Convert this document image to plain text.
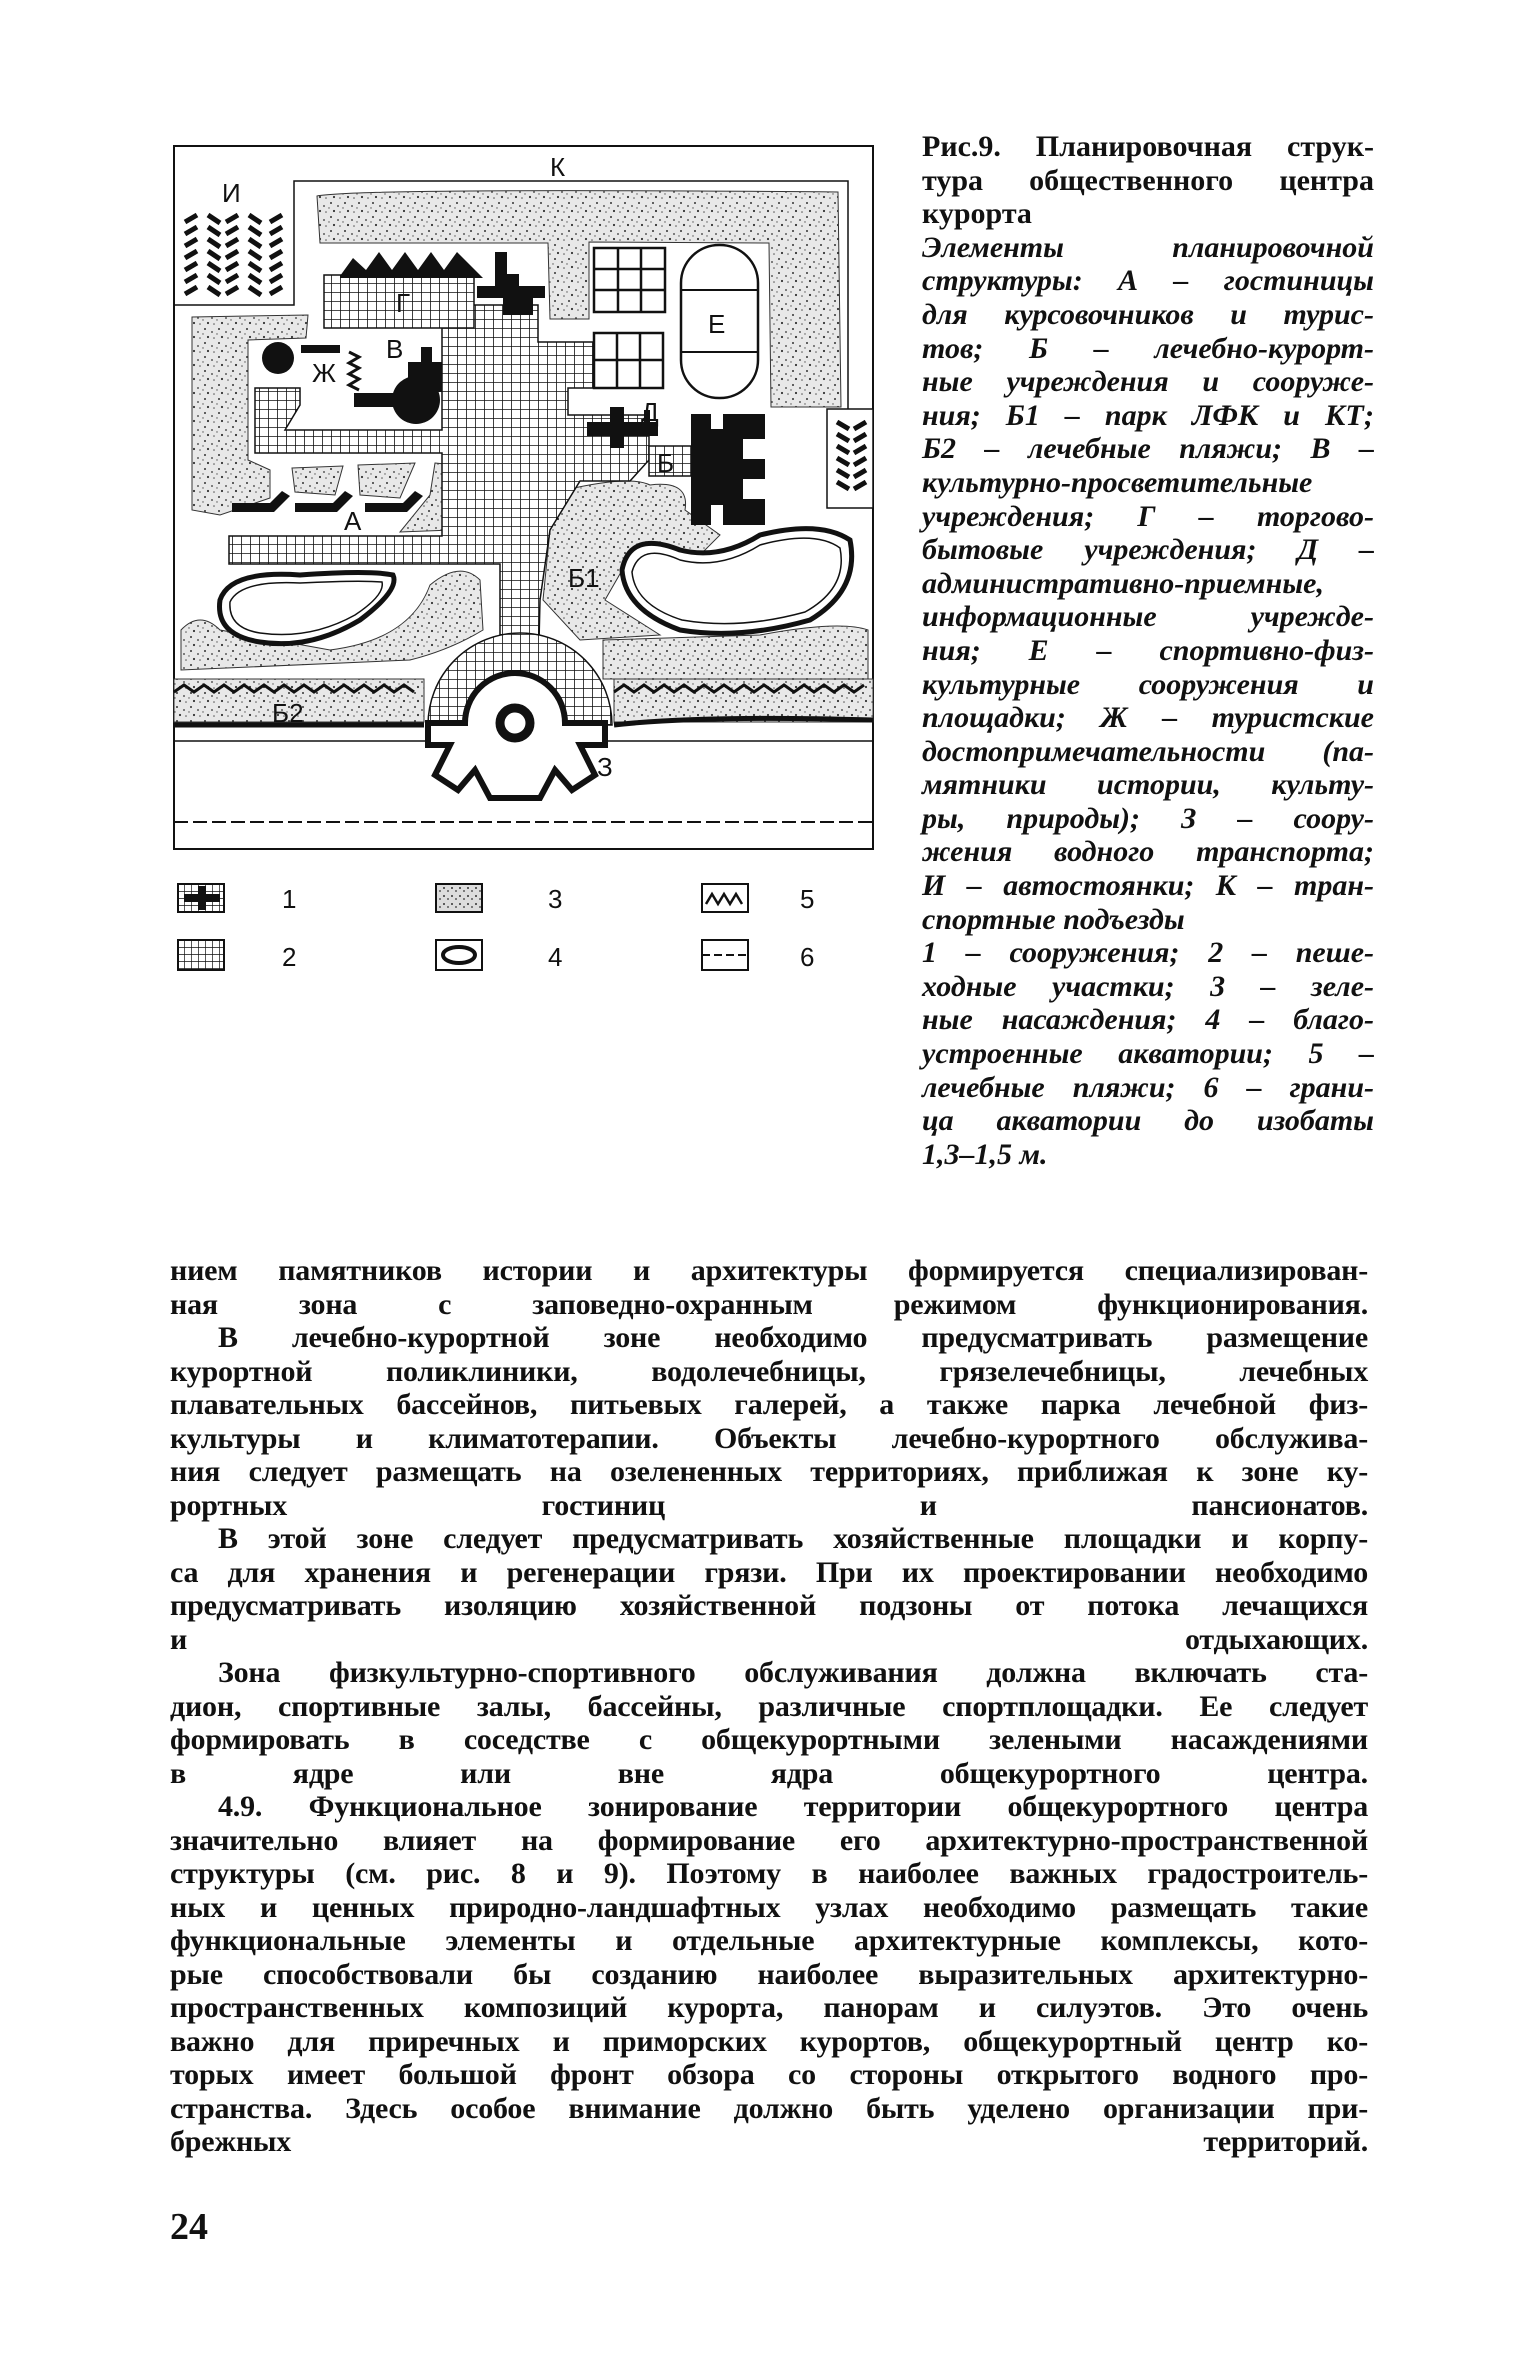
К
И
Г
В
Ж
Е
Д
Б
А
Б1
Б2
З
1
2
3
4
5
6
Рис.9. Планировочная струк-
тура общественного центра
курорта
Элементы планировочной
структуры: А – гостиницы
для курсовочников и турис-
тов; Б – лечебно-курорт-
ные учреждения и сооруже-
ния; Б1 – парк ЛФК и КТ;
Б2 – лечебные пляжи; В –
культурно-просветительные
учреждения; Г – торгово-
бытовые учреждения; Д –
административно-приемные,
информационные учрежде-
ния; Е – спортивно-физ-
культурные сооружения и
площадки; Ж – туристские
достопримечательности (па-
мятники истории, культу-
ры, природы); З – соору-
жения водного транспорта;
И – автостоянки; К – тран-
спортные подъезды
1 – сооружения; 2 – пеше-
ходные участки; 3 – зеле-
ные насаждения; 4 – благо-
устроенные акватории; 5 –
лечебные пляжи; 6 – грани-
ца акватории до изобаты
1,3–1,5 м.
нием памятников истории и архитектуры формируется специализирован-
ная зона с заповедно-охранным режимом функционирования.
В лечебно-курортной зоне необходимо предусматривать размещение
курортной поликлиники, водолечебницы, грязелечебницы, лечебных
плавательных бассейнов, питьевых галерей, а также парка лечебной физ-
культуры и климатотерапии. Объекты лечебно-курортного обслужива-
ния следует размещать на озелененных территориях, приближая к зоне ку-
рортных гостиниц и пансионатов.
В этой зоне следует предусматривать хозяйственные площадки и корпу-
са для хранения и регенерации грязи. При их проектировании необходимо
предусматривать изоляцию хозяйственной подзоны от потока лечащихся
и отдыхающих.
Зона физкультурно-спортивного обслуживания должна включать ста-
дион, спортивные залы, бассейны, различные спортплощадки. Ее следует
формировать в соседстве с общекурортными зелеными насаждениями
в ядре или вне ядра общекурортного центра.
4.9. Функциональное зонирование территории общекурортного центра
значительно влияет на формирование его архитектурно-пространственной
структуры (см. рис. 8 и 9). Поэтому в наиболее важных градостроитель-
ных и ценных природно-ландшафтных узлах необходимо размещать такие
функциональные элементы и отдельные архитектурные комплексы, кото-
рые способствовали бы созданию наиболее выразительных архитектурно-
пространственных композиций курорта, панорам и силуэтов. Это очень
важно для приречных и приморских курортов, общекурортный центр ко-
торых имеет большой фронт обзора со стороны открытого водного про-
странства. Здесь особое внимание должно быть уделено организации при-
брежных территорий.
24
